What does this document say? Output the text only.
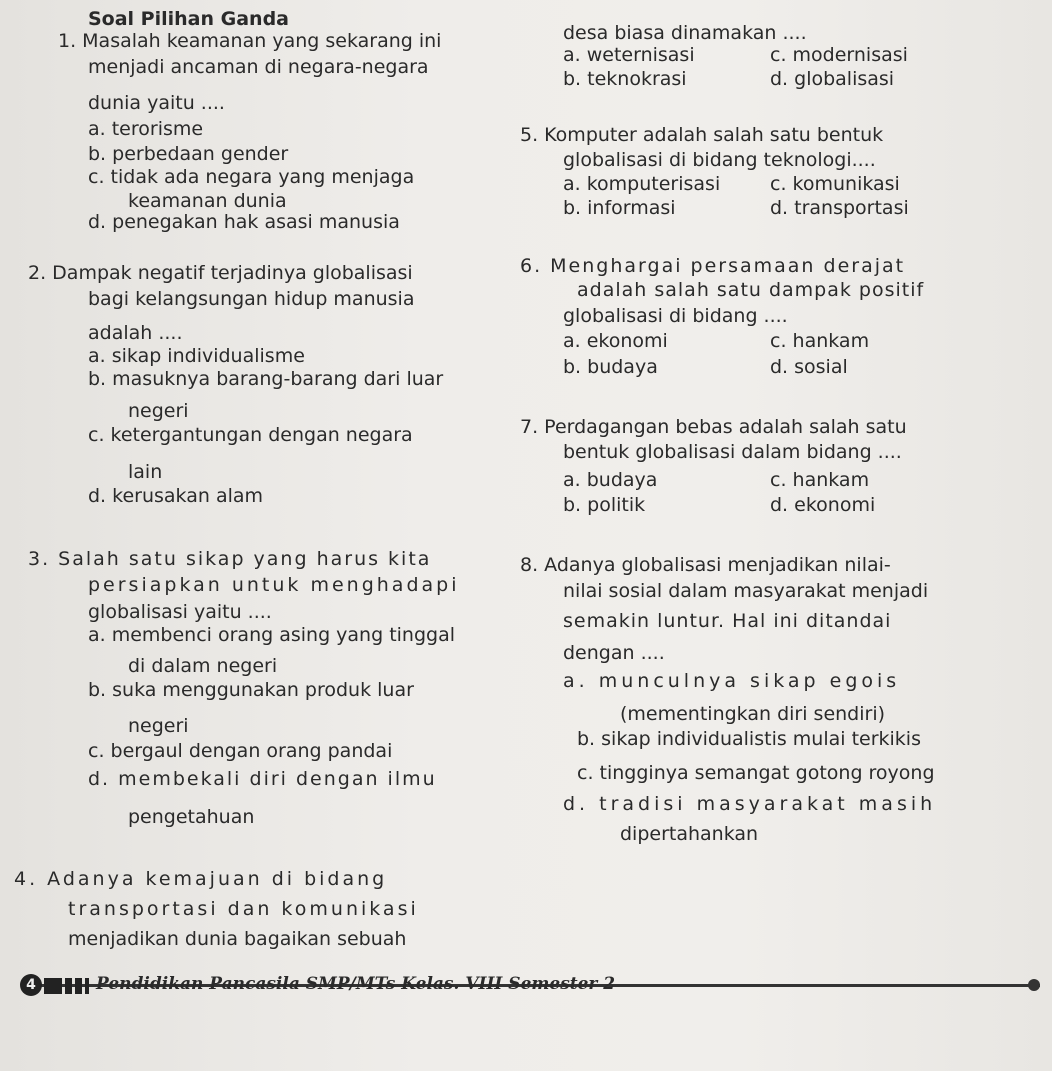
Soal Pilihan Ganda
1. Masalah keamanan yang sekarang ini
menjadi ancaman di negara-negara
dunia yaitu ....
a. terorisme
b. perbedaan gender
c. tidak ada negara yang menjaga
keamanan dunia
d. penegakan hak asasi manusia
2. Dampak negatif terjadinya globalisasi
bagi kelangsungan hidup manusia
adalah ....
a. sikap individualisme
b. masuknya barang-barang dari luar
negeri
c. ketergantungan dengan negara
lain
d. kerusakan alam
3. Salah satu sikap yang harus kita
persiapkan untuk menghadapi
globalisasi yaitu ....
a. membenci orang asing yang tinggal
di dalam negeri
b. suka menggunakan produk luar
negeri
c. bergaul dengan orang pandai
d. membekali diri dengan ilmu
pengetahuan
4. Adanya kemajuan di bidang
transportasi dan komunikasi
menjadikan dunia bagaikan sebuah
desa biasa dinamakan ....
a. weternisasi
b. teknokrasi
c. modernisasi
d. globalisasi
5. Komputer adalah salah satu bentuk
globalisasi di bidang teknologi....
a. komputerisasi
b. informasi
c. komunikasi
d. transportasi
6. Menghargai persamaan derajat
adalah salah satu dampak positif
globalisasi di bidang ....
a. ekonomi
b. budaya
c. hankam
d. sosial
7. Perdagangan bebas adalah salah satu
bentuk globalisasi dalam bidang ....
a. budaya
b. politik
c. hankam
d. ekonomi
8. Adanya globalisasi menjadikan nilai-
nilai sosial dalam masyarakat menjadi
semakin luntur. Hal ini ditandai
dengan ....
a. munculnya sikap egois
(mementingkan diri sendiri)
b. sikap individualistis mulai terkikis
c. tingginya semangat gotong royong
d. tradisi masyarakat masih
dipertahankan
4	Pendidikan Pancasila SMP/MTs Kelas. VIII Semester 2
